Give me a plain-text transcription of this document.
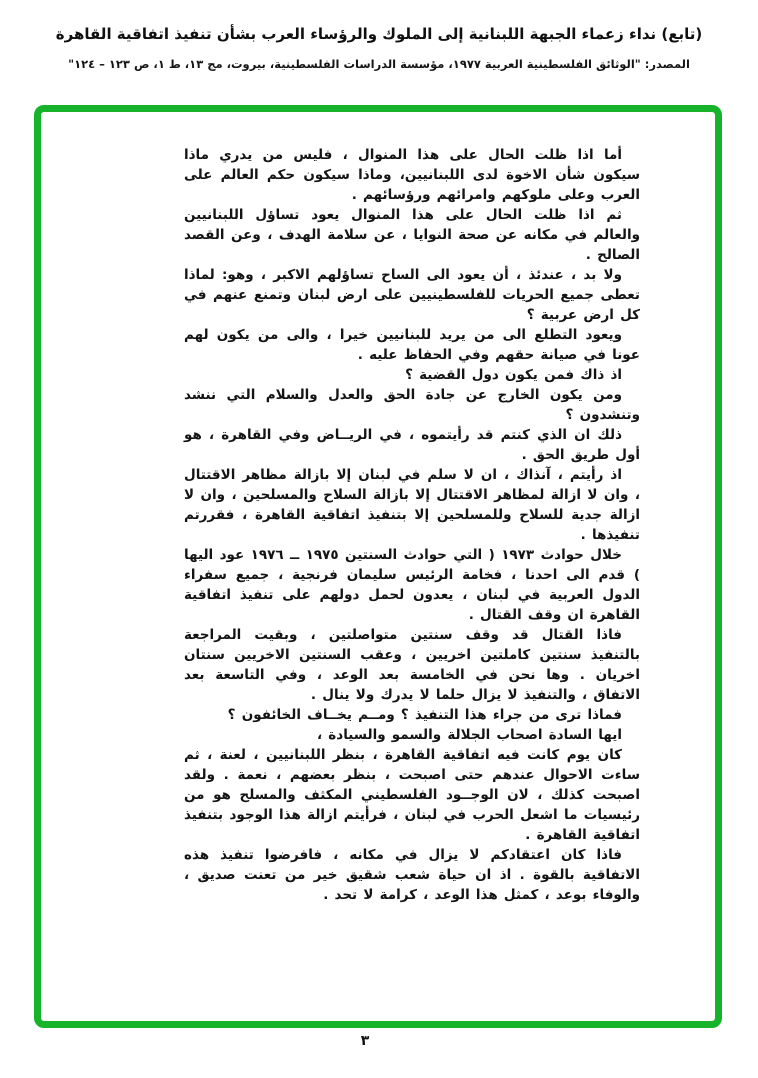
(تابع) نداء زعماء الجبهة اللبنانية إلى الملوك والرؤساء العرب بشأن تنفيذ اتفاقية القاهرة
المصدر: "الوثائق الفلسطينية العربية ١٩٧٧، مؤسسة الدراسات الفلسطينية، بيروت، مج ١٣، ط ١، ص ١٢٣ – ١٢٤"

أما اذا ظلت الحال على هذا المنوال ، فليس من يدري ماذا سيكون شأن الاخوة لدى اللبنانيين، وماذا سيكون حكم العالم على العرب وعلى ملوكهم وامرائهم ورؤسائهم .

ثم اذا ظلت الحال على هذا المنوال يعود تساؤل اللبنانيين والعالم في مكانه عن صحة النوايا ، عن سلامة الهدف ، وعن القصد الصالح .

ولا بد ، عندئذ ، أن يعود الى الساح تساؤلهم الاكبر ، وهو: لماذا تعطى جميع الحريات للفلسطينيين على ارض لبنان وتمنع عنهم في كل ارض عربية ؟

ويعود التطلع الى من يريد للبنانيين خيرا ، والى من يكون لهم عونا في صيانة حقهم وفي الحفاظ عليه .

اذ ذاك فمن يكون دول القضية ؟

ومن يكون الخارج عن جادة الحق والعدل والسلام التي ننشد وتنشدون ؟

ذلك ان الذي كنتم قد رأيتموه ، في الريــاض وفي القاهرة ، هو أول طريق الحق .

اذ رأيتم ، آنذاك ، ان لا سلم في لبنان إلا بازالة مظاهر الاقتتال ، وان لا ازالة لمظاهر الاقتتال إلا بازالة السلاح والمسلحين ، وان لا ازالة جدية للسلاح وللمسلحين إلا بتنفيذ اتفاقية القاهرة ، فقررتم تنفيذها .

خلال حوادث ١٩٧٣ ( التي حوادث السنتين ١٩٧٥ ــ ١٩٧٦ عود اليها ) قدم الى احدنا ، فخامة الرئيس سليمان فرنجية ، جميع سفراء الدول العربية في لبنان ، يعدون لحمل دولهم على تنفيذ اتفاقية القاهرة ان وقف القتال .

فاذا القتال قد وقف سنتين متواصلتين ، وبقيت المراجعة بالتنفيذ سنتين كاملتين اخريين ، وعقب السنتين الاخريين سنتان اخريان . وها نحن في الخامسة بعد الوعد ، وفي التاسعة بعد الاتفاق ، والتنفيذ لا يزال حلما لا يدرك ولا ينال .

فماذا ترى من جراء هذا التنفيذ ؟ ومــم يخــاف الخائفون ؟

ايها السادة اصحاب الجلالة والسمو والسيادة ،

كان يوم كانت فيه اتفاقية القاهرة ، بنظر اللبنانيين ، لعنة ، ثم ساءت الاحوال عندهم حتى اصبحت ، بنظر بعضهم ، نعمة . ولقد اصبحت كذلك ، لان الوجــود الفلسطيني المكثف والمسلح هو من رئيسيات ما اشعل الحرب في لبنان ، فرأيتم ازالة هذا الوجود بتنفيذ اتفاقية القاهرة .

فاذا كان اعتقادكم لا يزال في مكانه ، فافرضوا تنفيذ هذه الاتفاقية بالقوة . اذ ان حياة شعب شقيق خير من تعنت صديق ، والوفاء بوعد ، كمثل هذا الوعد ، كرامة لا تحد .

٣
